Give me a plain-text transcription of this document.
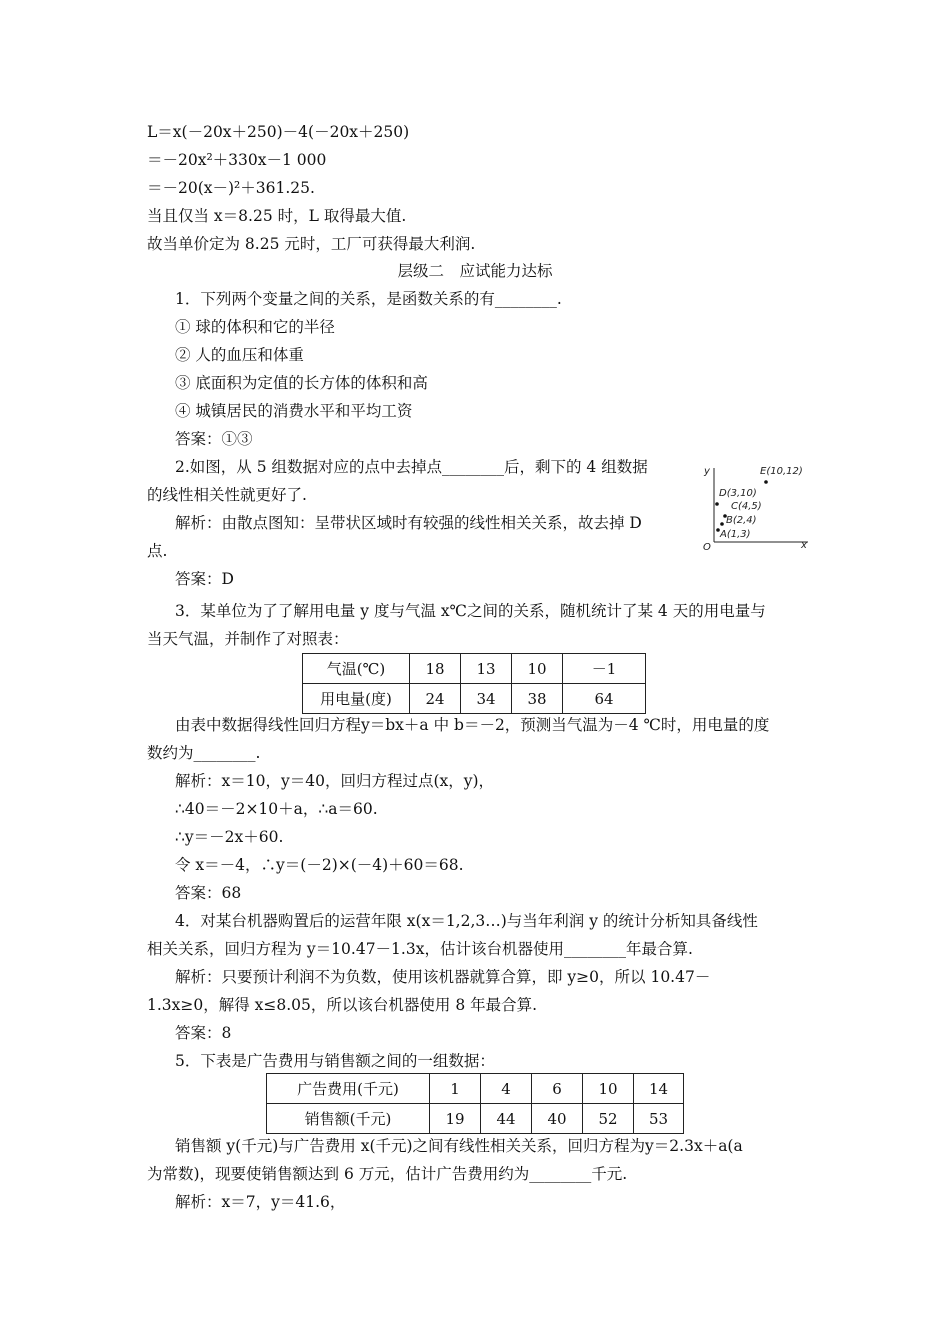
L＝x(－20x＋250)－4(－20x＋250)
＝－20x²＋330x－1 000
＝－20(x－)²＋361.25.
当且仅当 x＝8.25 时，L 取得最大值.
故当单价定为 8.25 元时，工厂可获得最大利润.
层级二　应试能力达标
1．下列两个变量之间的关系，是函数关系的有________.
① 球的体积和它的半径
② 人的血压和体重
③ 底面积为定值的长方体的体积和高
④ 城镇居民的消费水平和平均工资
答案：①③
2.如图，从 5 组数据对应的点中去掉点________后，剩下的 4 组数据
的线性相关性就更好了.
解析：由散点图知：呈带状区域时有较强的线性相关关系，故去掉 D
点.
答案：D
y
x
O
E(10,12)
D(3,10)
C(4,5)
B(2,4)
A(1,3)
3．某单位为了了解用电量 y 度与气温 x℃之间的关系，随机统计了某 4 天的用电量与
当天气温，并制作了对照表：
气温(℃)	18	13	10	－1
用电量(度)	24	34	38	64
由表中数据得线性回归方程y＝bx＋a 中 b＝－2，预测当气温为－4 ℃时，用电量的度
数约为________.
解析：x＝10，y＝40，回归方程过点(x，y)，
∴40＝－2×10＋a，∴a＝60.
∴y＝－2x＋60.
令 x＝－4，∴y＝(－2)×(－4)＋60＝68.
答案：68
4．对某台机器购置后的运营年限 x(x＝1,2,3…)与当年利润 y 的统计分析知具备线性
相关关系，回归方程为 y＝10.47－1.3x，估计该台机器使用________年最合算.
解析：只要预计利润不为负数，使用该机器就算合算，即 y≥0，所以 10.47－
1.3x≥0，解得 x≤8.05，所以该台机器使用 8 年最合算.
答案：8
5．下表是广告费用与销售额之间的一组数据：
广告费用(千元)	1	4	6	10	14
销售额(千元)	19	44	40	52	53
销售额 y(千元)与广告费用 x(千元)之间有线性相关关系，回归方程为y＝2.3x＋a(a
为常数)，现要使销售额达到 6 万元，估计广告费用约为________千元.
解析：x＝7，y＝41.6，
